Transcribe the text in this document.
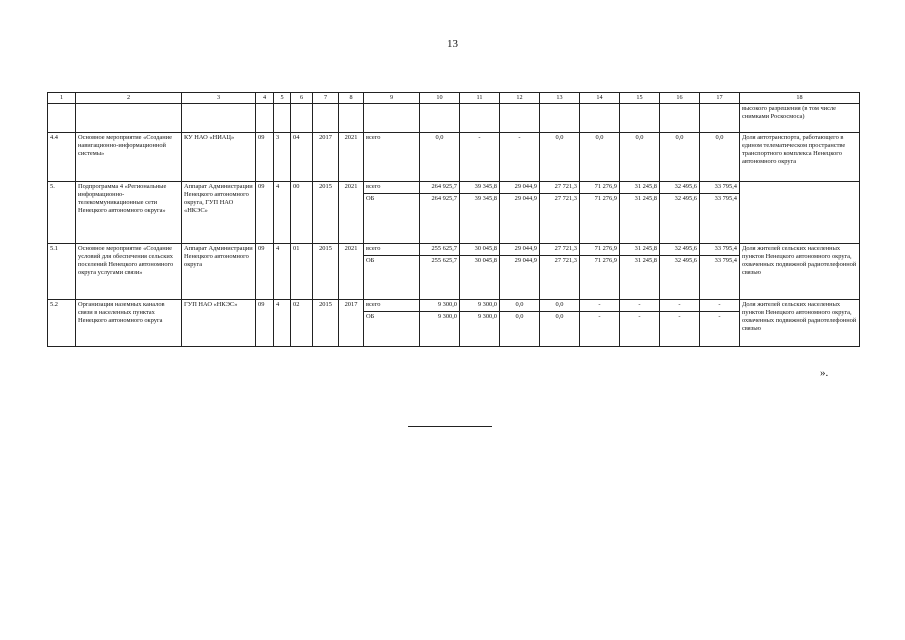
13
1	2	3	4	5	6	7	8	9	10	11	12	13	14	15	16	17	18
																	высокого разрешения (в том числе снимками Роскосмоса)
4.4	Основное мероприятие «Создание навигационно-информационной системы»	КУ НАО «НИАЦ»	09	3	04	2017	2021	всего	0,0	-	-	0,0	0,0	0,0	0,0	0,0	Доля автотранспорта, работающего в едином телематическом пространстве транспортного комплекса Ненецкого автономного округа
5.	Подпрограмма 4 «Региональные информационно-телекоммуникационные сети Ненецкого автономного округа»	Аппарат Администрации Ненецкого автономного округа, ГУП НАО «НКЭС»	09	4	00	2015	2021	всего	264 925,7	39 345,8	29 044,9	27 721,3	71 276,9	31 245,8	32 495,6	33 795,4	
								ОБ	264 925,7	39 345,8	29 044,9	27 721,3	71 276,9	31 245,8	32 495,6	33 795,4	
5.1	Основное мероприятие «Создание условий для обеспечения сельских поселений Ненецкого автономного округа услугами связи»	Аппарат Администрации Ненецкого автономного округа	09	4	01	2015	2021	всего	255 625,7	30 045,8	29 044,9	27 721,3	71 276,9	31 245,8	32 495,6	33 795,4	Доля жителей сельских населенных пунктов Ненецкого автономного округа, охваченных подвижной радиотелефонной связью
								ОБ	255 625,7	30 045,8	29 044,9	27 721,3	71 276,9	31 245,8	32 495,6	33 795,4	
5.2	Организация наземных каналов связи в населенных пунктах Ненецкого автономного округа	ГУП НАО «НКЭС»	09	4	02	2015	2017	всего	9 300,0	9 300,0	0,0	0,0	-	-	-	-	Доля жителей сельских населенных пунктов Ненецкого автономного округа, охваченных подвижной радиотелефонной связью
								ОБ	9 300,0	9 300,0	0,0	0,0	-	-	-	-	
».
